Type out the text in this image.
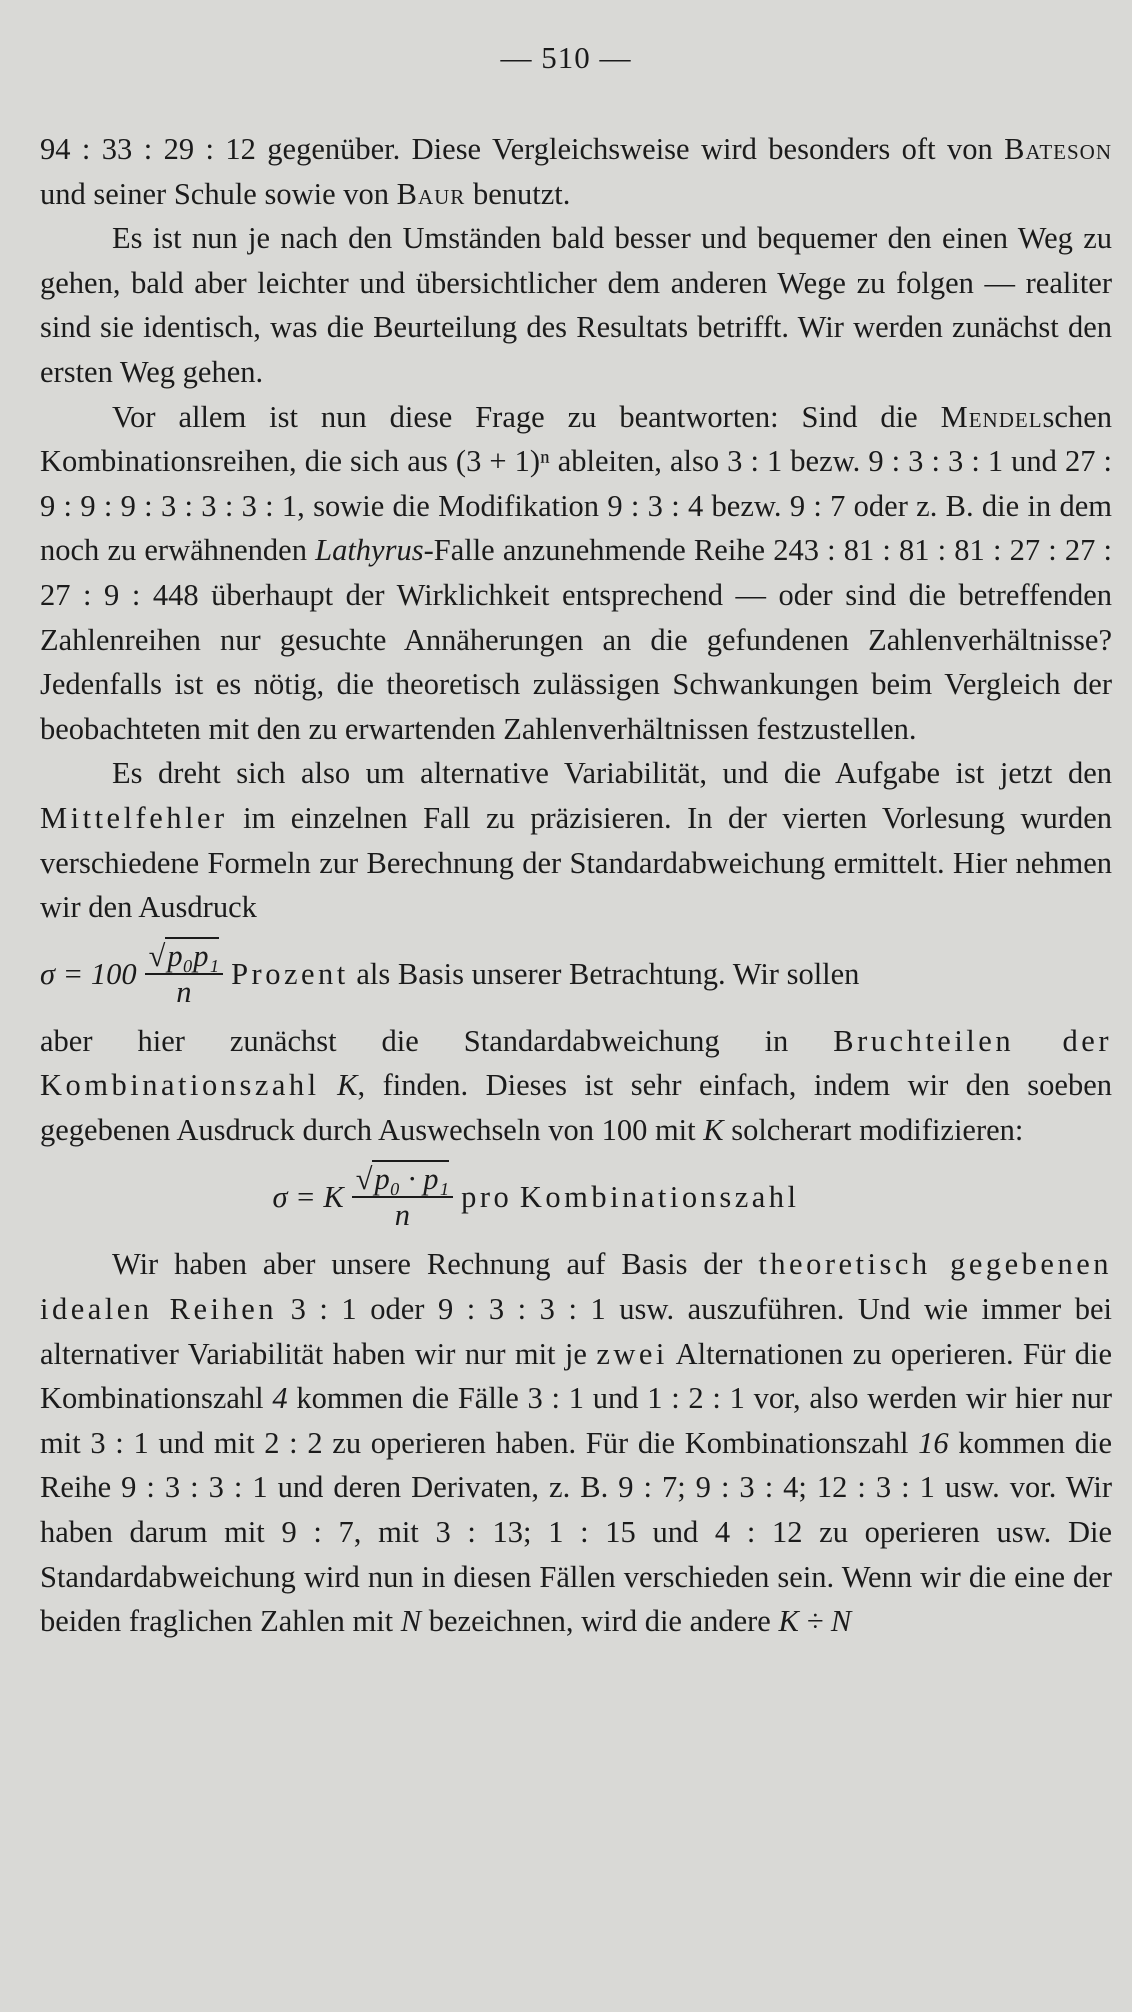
— 510 —

94 : 33 : 29 : 12 gegenüber. Diese Vergleichsweise wird besonders oft von Bateson und seiner Schule sowie von Baur benutzt.

Es ist nun je nach den Umständen bald besser und bequemer den einen Weg zu gehen, bald aber leichter und übersichtlicher dem anderen Wege zu folgen — realiter sind sie identisch, was die Beurteilung des Resultats betrifft. Wir werden zunächst den ersten Weg gehen.

Vor allem ist nun diese Frage zu beantworten: Sind die Mendelschen Kombinationsreihen, die sich aus (3 + 1)ⁿ ableiten, also 3 : 1 bezw. 9 : 3 : 3 : 1 und 27 : 9 : 9 : 9 : 3 : 3 : 3 : 1, sowie die Modifikation 9 : 3 : 4 bezw. 9 : 7 oder z. B. die in dem noch zu erwähnenden Lathyrus-Falle anzunehmende Reihe 243 : 81 : 81 : 81 : 27 : 27 : 27 : 9 : 448 überhaupt der Wirklichkeit entsprechend — oder sind die betreffenden Zahlenreihen nur gesuchte Annäherungen an die gefundenen Zahlenverhältnisse? Jedenfalls ist es nötig, die theoretisch zulässigen Schwankungen beim Vergleich der beobachteten mit den zu erwartenden Zahlenverhältnissen festzustellen.

Es dreht sich also um alternative Variabilität, und die Aufgabe ist jetzt den Mittelfehler im einzelnen Fall zu präzisieren. In der vierten Vorlesung wurden verschiedene Formeln zur Berechnung der Standardabweichung ermittelt. Hier nehmen wir den Ausdruck

$\sigma = 100 \frac{\text{√p₀p₁}}{n}$ Prozent als Basis unserer Betrachtung. Wir sollen

aber hier zunächst die Standardabweichung in Bruchteilen der Kombinationszahl K, finden. Dieses ist sehr einfach, indem wir den soeben gegebenen Ausdruck durch Auswechseln von 100 mit K solcherart modifizieren:

σ = K $\frac{\text{√p₀ · p₁}}{n}$ pro
Kombinationszahl

Wir haben aber unsere Rechnung auf Basis der theoretisch gegebenen idealen Reihen 3 : 1 oder 9 : 3 : 3 : 1 usw. auszuführen. Und wie immer bei alternativer Variabilität haben wir nur mit je zwei Alternationen zu operieren. Für die Kombinationszahl 4 kommen die Fälle 3 : 1 und 1 : 2 : 1 vor, also werden wir hier nur mit 3 : 1 und mit 2 : 2 zu operieren haben. Für die Kombinationszahl 16 kommen die Reihe 9 : 3 : 3 : 1 und deren Derivaten, z. B. 9 : 7; 9 : 3 : 4; 12 : 3 : 1 usw. vor. Wir haben darum mit 9 : 7, mit 3 : 13; 1 : 15 und 4 : 12 zu operieren usw. Die Standardabweichung wird nun in diesen Fällen verschieden sein. Wenn wir die eine der beiden fraglichen Zahlen mit N bezeichnen, wird die andere K ÷ N
